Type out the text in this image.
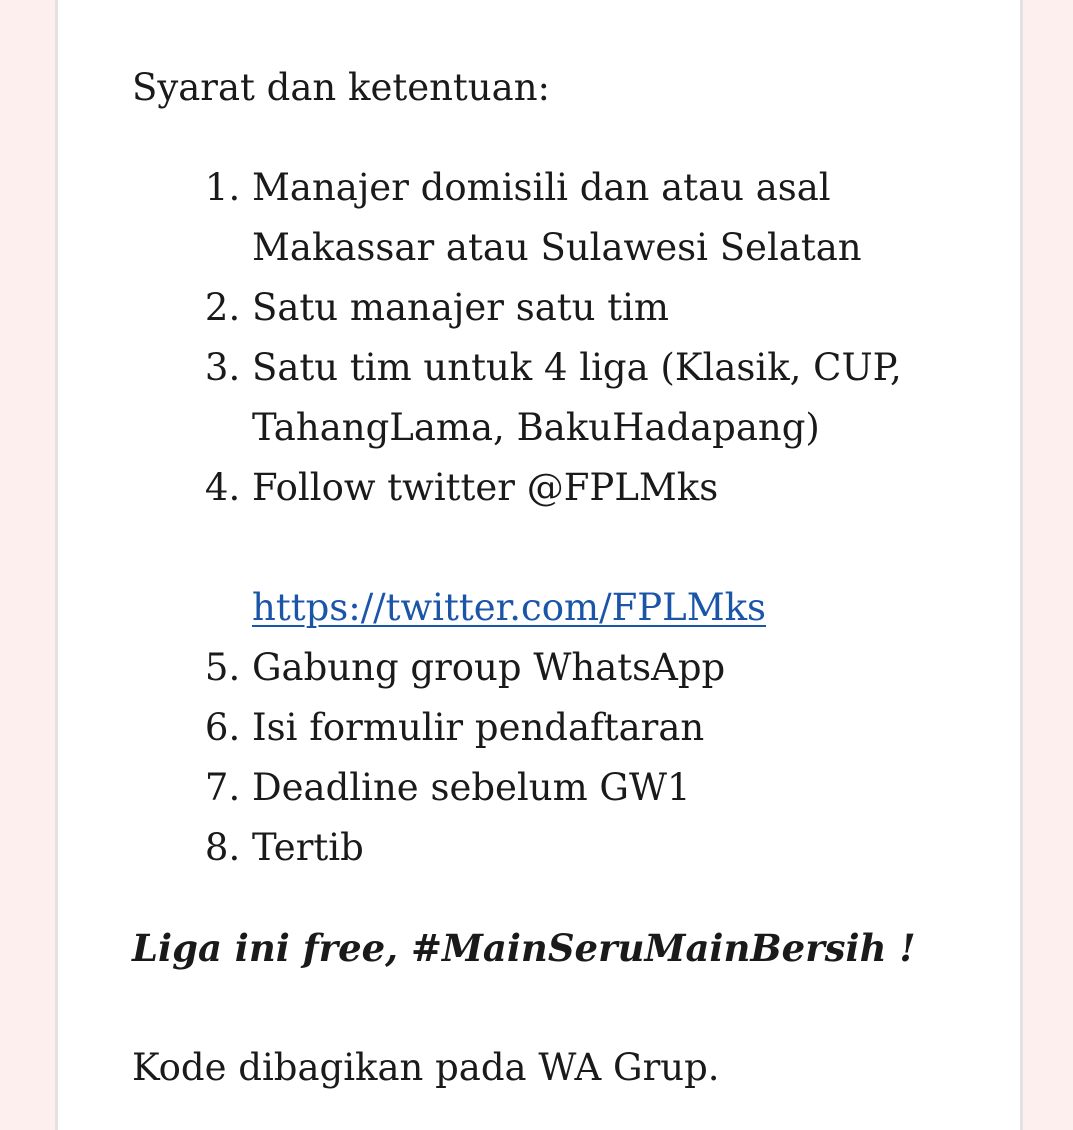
Syarat dan ketentuan:

1. Manajer domisili dan atau asal Makassar atau Sulawesi Selatan
2. Satu manajer satu tim
3. Satu tim untuk 4 liga (Klasik, CUP, TahangLama, BakuHadapang)
4. Follow twitter @FPLMks
https://twitter.com/FPLMks
5. Gabung group WhatsApp
6. Isi formulir pendaftaran
7. Deadline sebelum GW1
8. Tertib

Liga ini free, #MainSeruMainBersih !

Kode dibagikan pada WA Grup.
